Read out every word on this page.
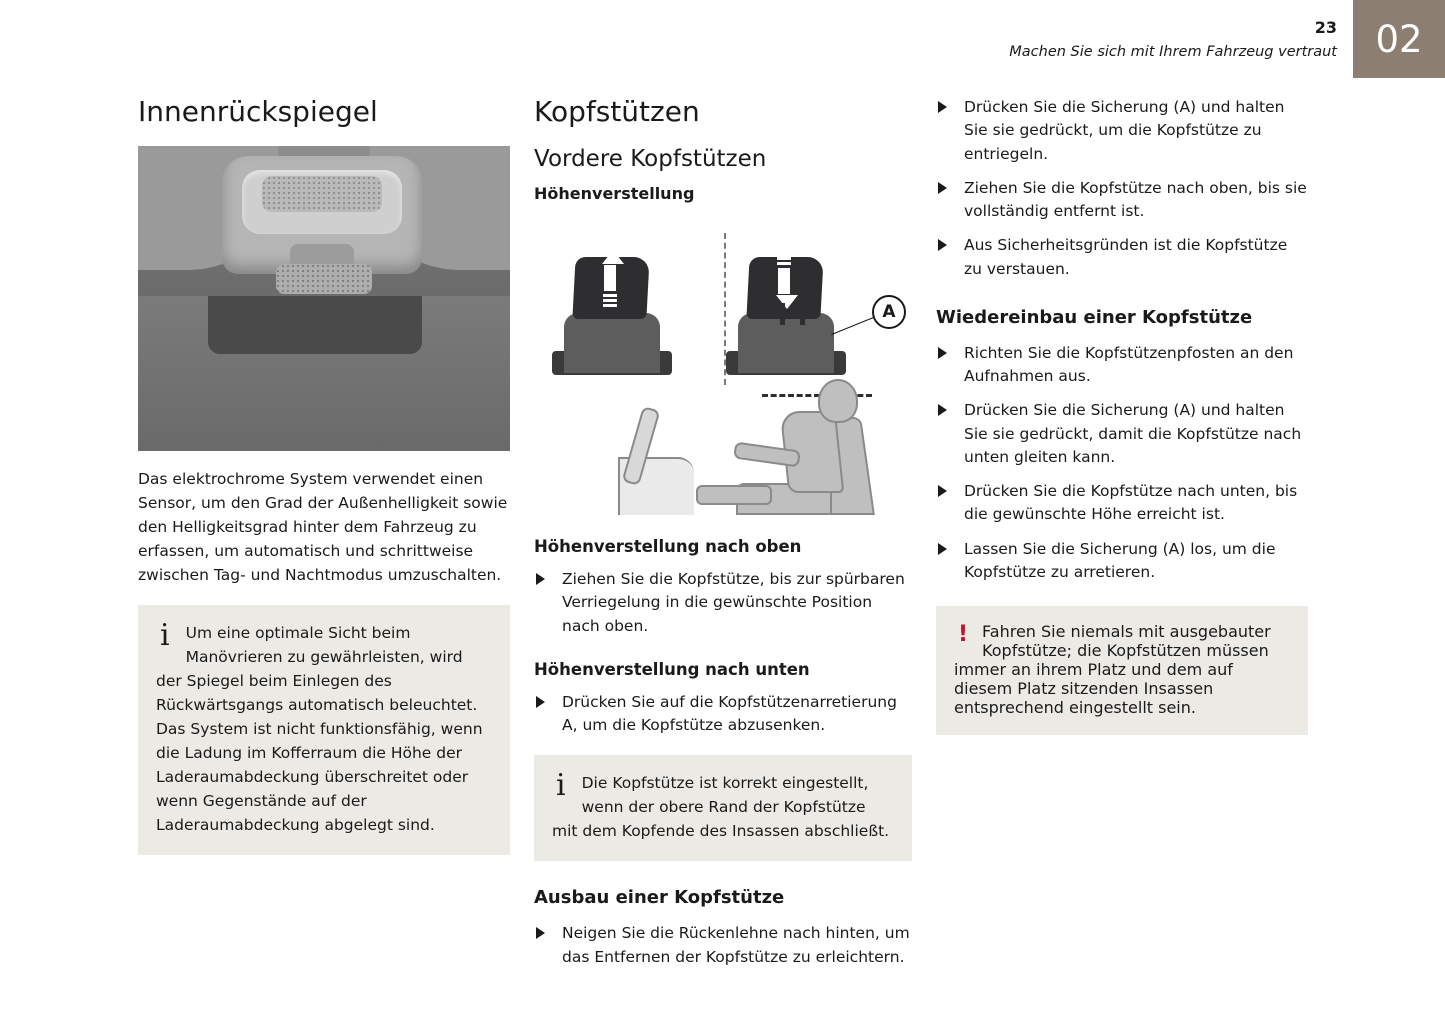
02
23
Machen Sie sich mit Ihrem Fahrzeug vertraut
Innenrückspiegel

Das elektrochrome System verwendet einen Sensor, um den Grad der Außenhelligkeit sowie den Helligkeitsgrad hinter dem Fahrzeug zu erfassen, um automatisch und schrittweise zwischen Tag- und Nachtmodus umzuschalten.

i	Um eine optimale Sicht beim Manövrieren zu gewährleisten, wird der Spiegel beim Einlegen des Rückwärtsgangs automatisch beleuchtet. Das System ist nicht funktionsfähig, wenn die Ladung im Kofferraum die Höhe der Laderaumabdeckung überschreitet oder wenn Gegenstände auf der Laderaumabdeckung abgelegt sind.
Kopfstützen
Vordere Kopfstützen
Höhenverstellung
A
Höhenverstellung nach oben
Ziehen Sie die Kopfstütze, bis zur spürbaren Verriegelung in die gewünschte Position nach oben.
Höhenverstellung nach unten
Drücken Sie auf die Kopfstützenarretierung A, um die Kopfstütze abzusenken.
i	Die Kopfstütze ist korrekt eingestellt, wenn der obere Rand der Kopfstütze mit dem Kopfende des Insassen abschließt.
Ausbau einer Kopfstütze
Neigen Sie die Rückenlehne nach hinten, um das Entfernen der Kopfstütze zu erleichtern.
Drücken Sie die Sicherung (A) und halten Sie sie gedrückt, um die Kopfstütze zu entriegeln.
Ziehen Sie die Kopfstütze nach oben, bis sie vollständig entfernt ist.
Aus Sicherheitsgründen ist die Kopfstütze zu verstauen.
Wiedereinbau einer Kopfstütze
Richten Sie die Kopfstützenpfosten an den Aufnahmen aus.
Drücken Sie die Sicherung (A) und halten Sie sie gedrückt, damit die Kopfstütze nach unten gleiten kann.
Drücken Sie die Kopfstütze nach unten, bis die gewünschte Höhe erreicht ist.
Lassen Sie die Sicherung (A) los, um die Kopfstütze zu arretieren.
! Fahren Sie niemals mit ausgebauter Kopfstütze; die Kopfstützen müssen immer an ihrem Platz und dem auf diesem Platz sitzenden Insassen entsprechend eingestellt sein.
